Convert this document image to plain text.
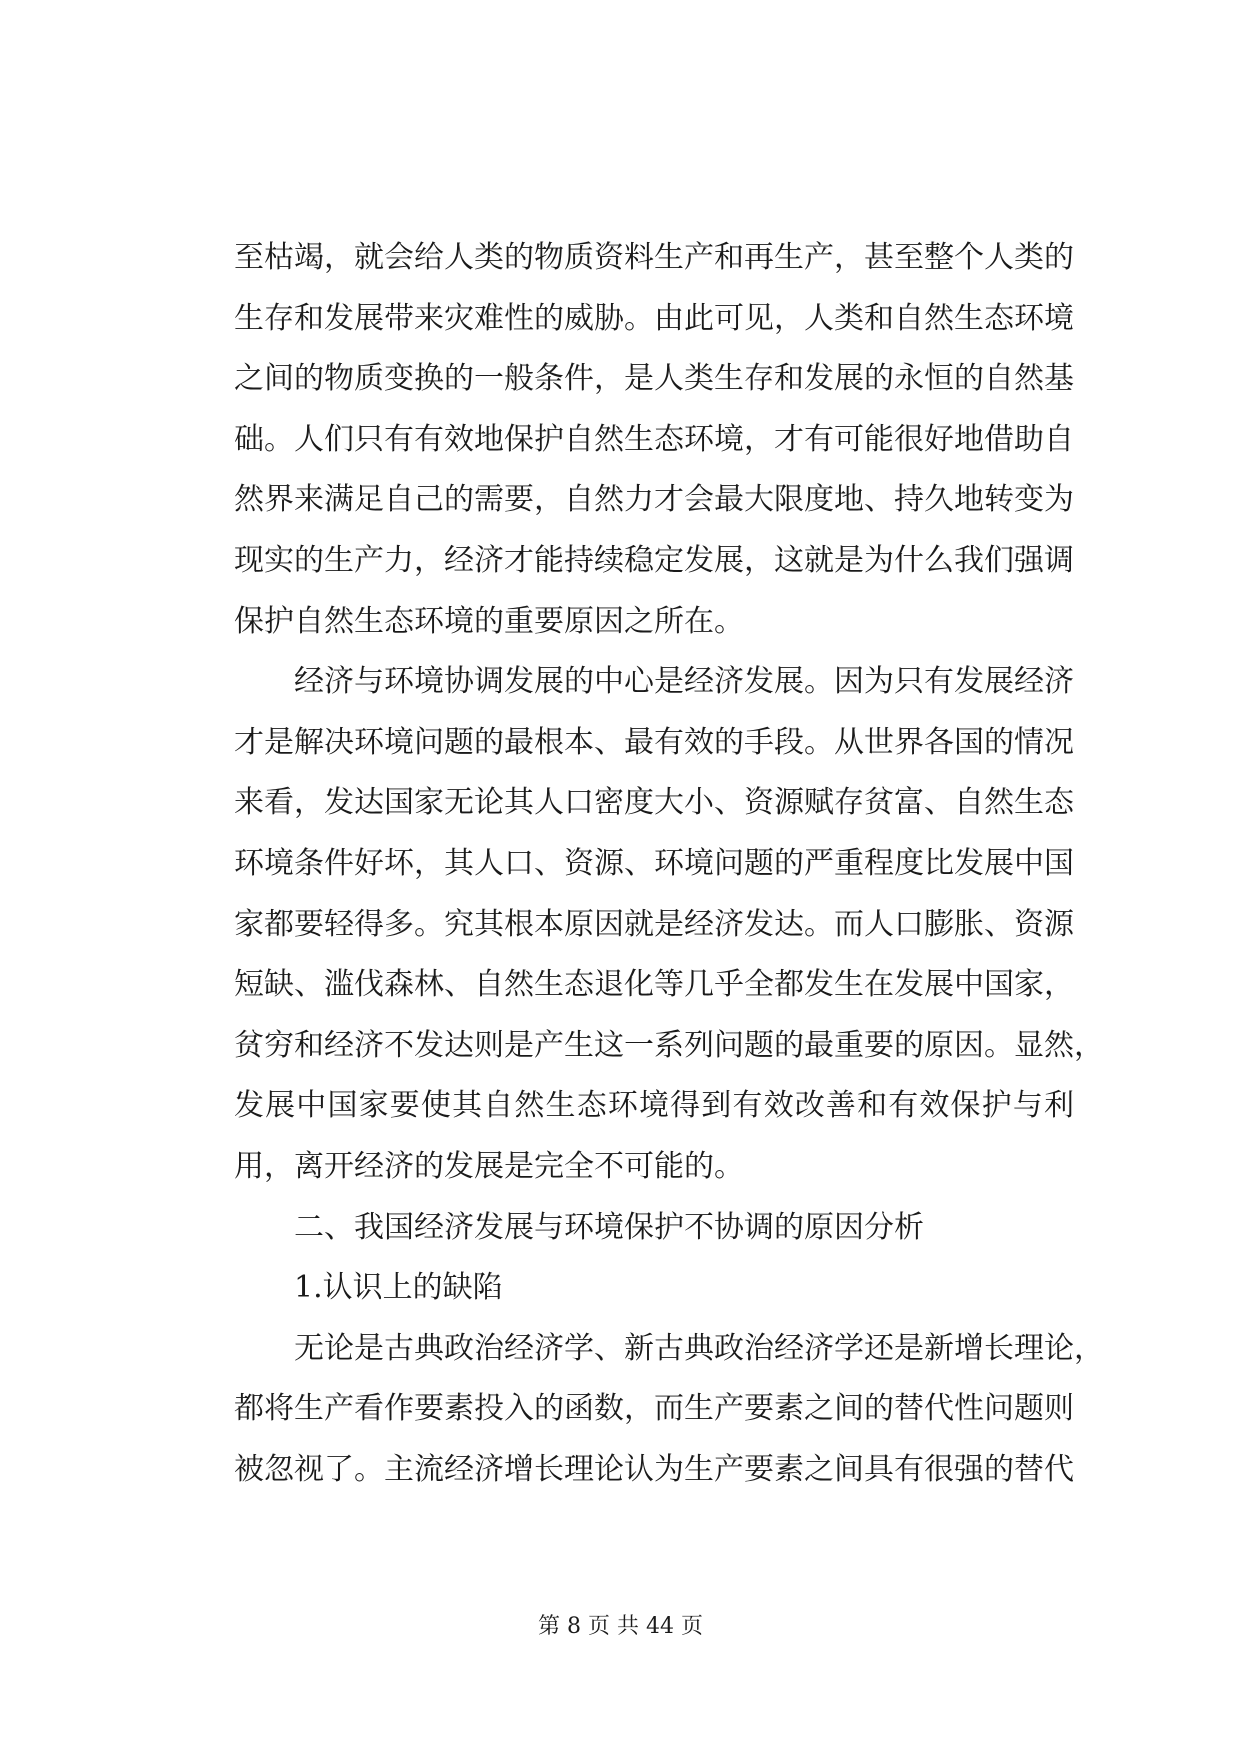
至枯竭，就会给人类的物质资料生产和再生产，甚至整个人类的
生存和发展带来灾难性的威胁。由此可见，人类和自然生态环境
之间的物质变换的一般条件，是人类生存和发展的永恒的自然基
础。人们只有有效地保护自然生态环境，才有可能很好地借助自
然界来满足自己的需要，自然力才会最大限度地、持久地转变为
现实的生产力，经济才能持续稳定发展，这就是为什么我们强调
保护自然生态环境的重要原因之所在。
经济与环境协调发展的中心是经济发展。因为只有发展经济
才是解决环境问题的最根本、最有效的手段。从世界各国的情况
来看，发达国家无论其人口密度大小、资源赋存贫富、自然生态
环境条件好坏，其人口、资源、环境问题的严重程度比发展中国
家都要轻得多。究其根本原因就是经济发达。而人口膨胀、资源
短缺、滥伐森林、自然生态退化等几乎全都发生在发展中国家，
贫穷和经济不发达则是产生这一系列问题的最重要的原因。显然，
发展中国家要使其自然生态环境得到有效改善和有效保护与利
用，离开经济的发展是完全不可能的。
二、我国经济发展与环境保护不协调的原因分析
1.认识上的缺陷
无论是古典政治经济学、新古典政治经济学还是新增长理论，
都将生产看作要素投入的函数，而生产要素之间的替代性问题则
被忽视了。主流经济增长理论认为生产要素之间具有很强的替代
第 8 页 共 44 页
